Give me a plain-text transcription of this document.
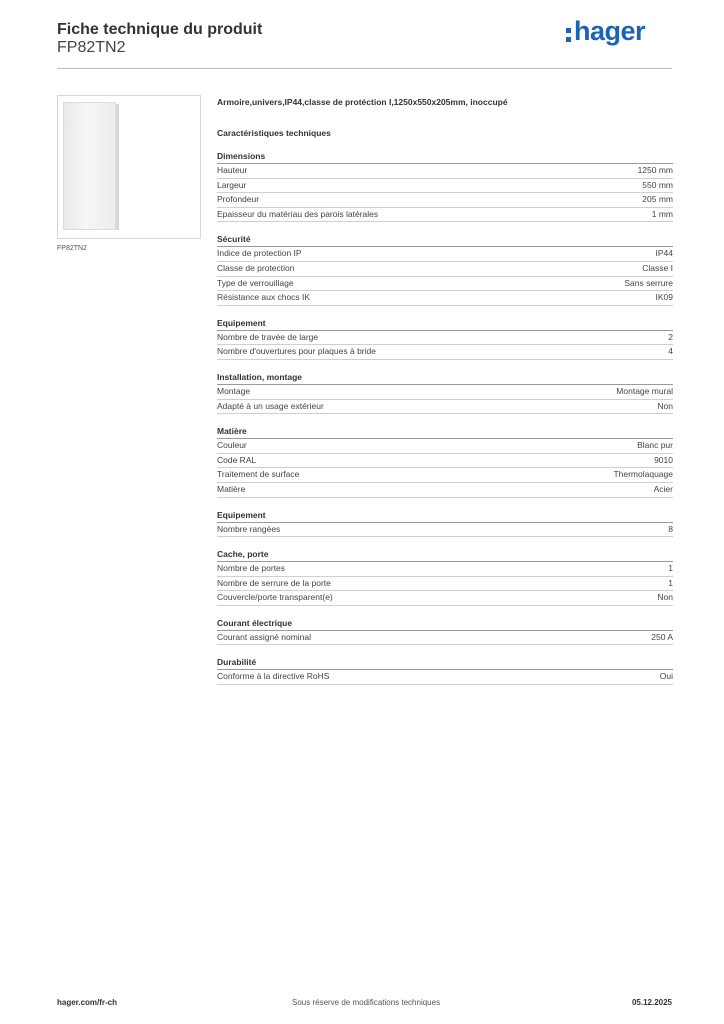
Fiche technique du produit
FP82TN2
hager
FP82TN2
Armoire,univers,IP44,classe de protéction I,1250x550x205mm, inoccupé
Caractéristiques techniques
Dimensions
Hauteur	1250 mm
Largeur	550 mm
Profondeur	205 mm
Epaisseur du matériau des parois latérales	1 mm
Sécurité
Indice de protection IP	IP44
Classe de protection	Classe I
Type de verrouillage	Sans serrure
Résistance aux chocs IK	IK09
Equipement
Nombre de travée de large	2
Nombre d'ouvertures pour plaques à bride	4
Installation, montage
Montage	Montage mural
Adapté à un usage extérieur	Non
Matière
Couleur	Blanc pur
Code RAL	9010
Traitement de surface	Thermolaquage
Matière	Acier
Equipement
Nombre rangées	8
Cache, porte
Nombre de portes	1
Nombre de serrure de la porte	1
Couvercle/porte transparent(e)	Non
Courant électrique
Courant assigné nominal	250 A
Durabilité
Conforme à la directive RoHS	Oui
hager.com/fr-ch	Sous réserve de modifications techniques	05.12.2025
